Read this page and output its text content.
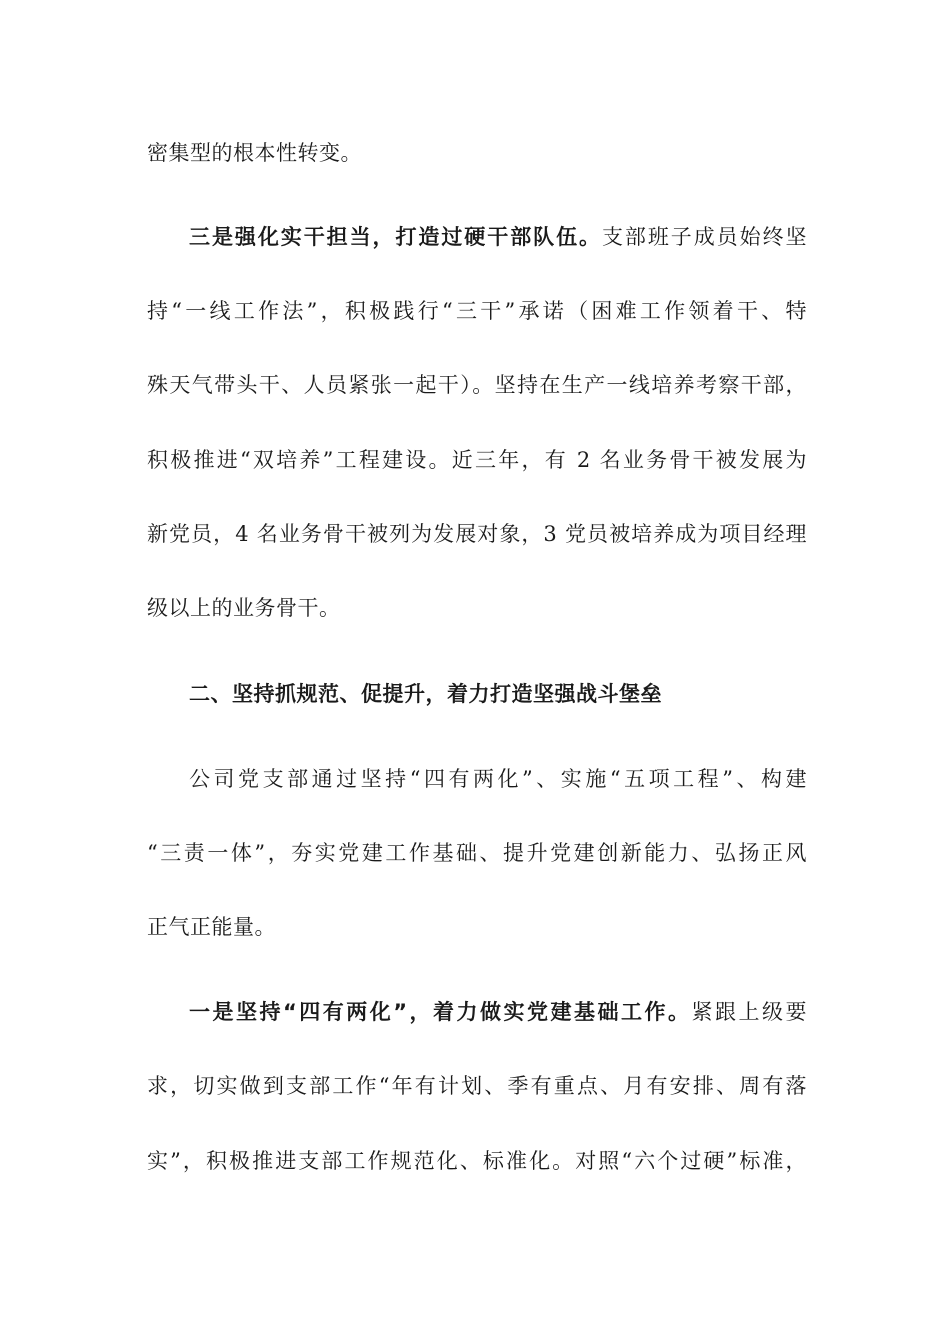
密集型的根本性转变。
三是强化实干担当，打造过硬干部队伍。支部班子成员始终坚
持“一线工作法”，积极践行“三干”承诺（困难工作领着干、特
殊天气带头干、人员紧张一起干）。坚持在生产一线培养考察干部，
积极推进“双培养”工程建设。近三年，有 2 名业务骨干被发展为
新党员，4 名业务骨干被列为发展对象，3 党员被培养成为项目经理
级以上的业务骨干。
二、坚持抓规范、促提升，着力打造坚强战斗堡垒
公司党支部通过坚持“四有两化”、实施“五项工程”、构建
“三责一体”，夯实党建工作基础、提升党建创新能力、弘扬正风
正气正能量。
一是坚持“四有两化”，着力做实党建基础工作。紧跟上级要
求，切实做到支部工作“年有计划、季有重点、月有安排、周有落
实”，积极推进支部工作规范化、标准化。对照“六个过硬”标准，
